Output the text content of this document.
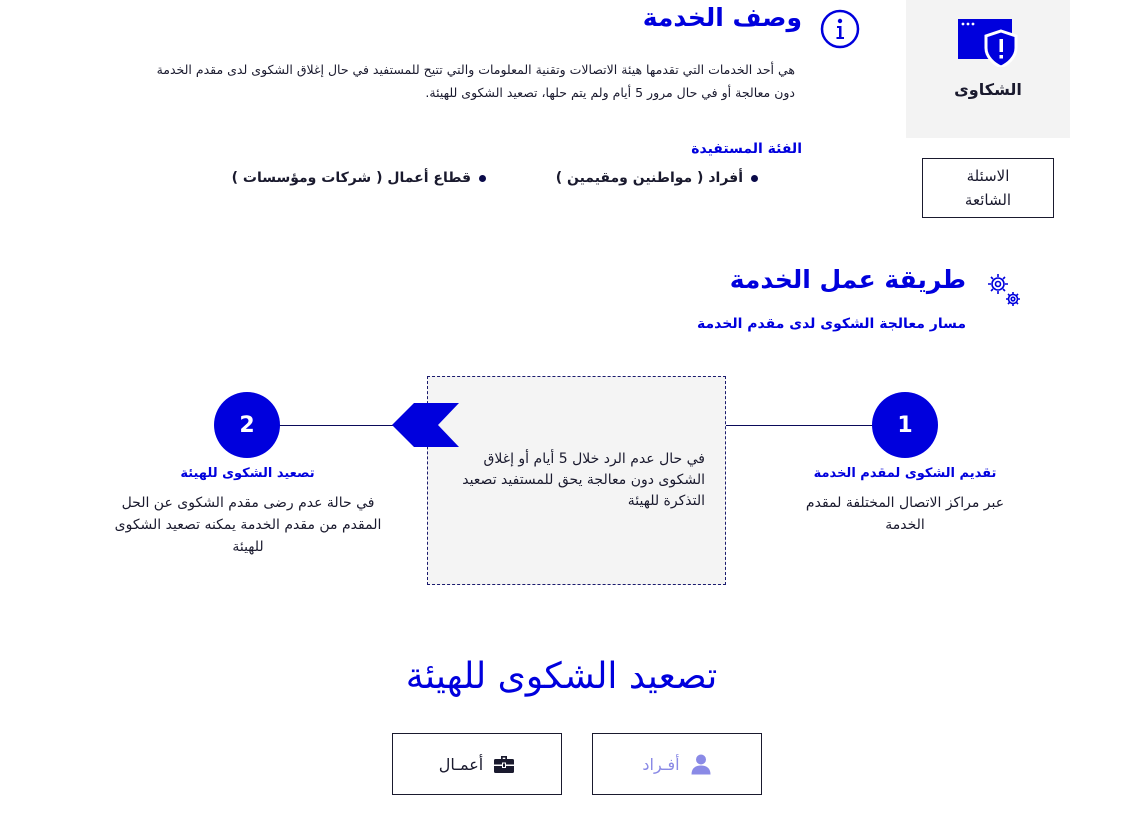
الشكاوى
الاسئلة الشائعة
وصف الخدمة
هي أحد الخدمات التي تقدمها هيئة الاتصالات وتقنية المعلومات والتي تتيح للمستفيد في حال إغلاق الشكوى لدى مقدم الخدمة دون معالجة أو في حال مرور 5 أيام ولم يتم حلها، تصعيد الشكوى للهيئة.
الفئة المستفيدة
أفراد ( مواطنين ومقيمين )
قطاع أعمال ( شركات ومؤسسات )
طريقة عمل الخدمة
مسار معالجة الشكوى لدى مقدم الخدمة
1
تقديم الشكوى لمقدم الخدمة
عبر مراكز الاتصال المختلفة لمقدم الخدمة
2
تصعيد الشكوى للهيئة
في حالة عدم رضى مقدم الشكوى عن الحل
المقدم من مقدم الخدمة يمكنه تصعيد الشكوى للهيئة
في حال عدم الرد خلال 5 أيام أو إغلاق الشكوى دون معالجة يحق للمستفيد تصعيد التذكرة للهيئة
تصعيد الشكوى للهيئة
أفـراد
أعمـال
